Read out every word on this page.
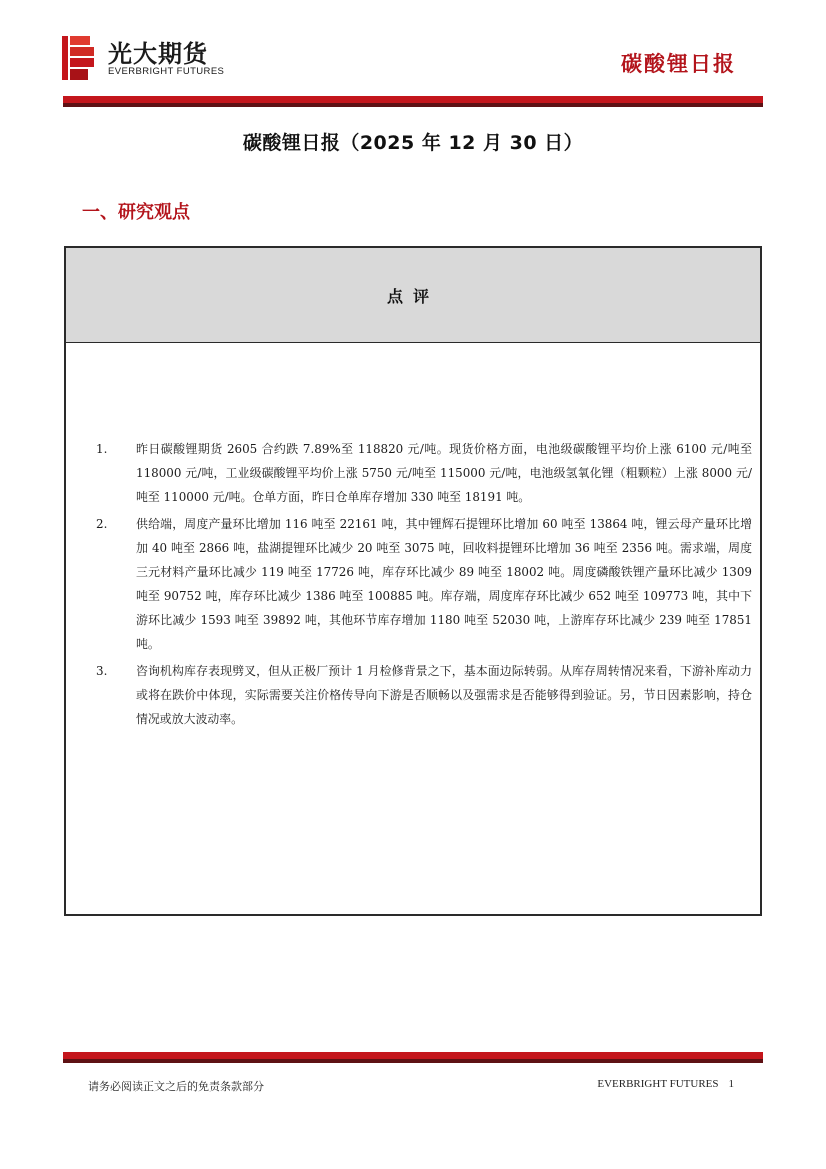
光大期货
EVERBRIGHT FUTURES	碳酸锂日报
碳酸锂日报（2025 年 12 月 30 日）
一、研究观点
点评
1. 昨日碳酸锂期货 2605 合约跌 7.89%至 118820 元/吨。现货价格方面，电池级碳酸锂平均价上涨 6100 元/吨至 118000 元/吨，工业级碳酸锂平均价上涨 5750 元/吨至 115000 元/吨，电池级氢氧化锂（粗颗粒）上涨 8000 元/吨至 110000 元/吨。仓单方面，昨日仓单库存增加 330 吨至 18191 吨。
2. 供给端，周度产量环比增加 116 吨至 22161 吨，其中锂辉石提锂环比增加 60 吨至 13864 吨，锂云母产量环比增加 40 吨至 2866 吨，盐湖提锂环比减少 20 吨至 3075 吨，回收料提锂环比增加 36 吨至 2356 吨。需求端，周度三元材料产量环比减少 119 吨至 17726 吨，库存环比减少 89 吨至 18002 吨。周度磷酸铁锂产量环比减少 1309 吨至 90752 吨，库存环比减少 1386 吨至 100885 吨。库存端，周度库存环比减少 652 吨至 109773 吨，其中下游环比减少 1593 吨至 39892 吨，其他环节库存增加 1180 吨至 52030 吨，上游库存环比减少 239 吨至 17851 吨。
3. 咨询机构库存表现劈叉，但从正极厂预计 1 月检修背景之下，基本面边际转弱。从库存周转情况来看，下游补库动力或将在跌价中体现，实际需要关注价格传导向下游是否顺畅以及强需求是否能够得到验证。另，节日因素影响，持仓情况或放大波动率。
请务必阅读正文之后的免责条款部分	EVERBRIGHT FUTURES 1
